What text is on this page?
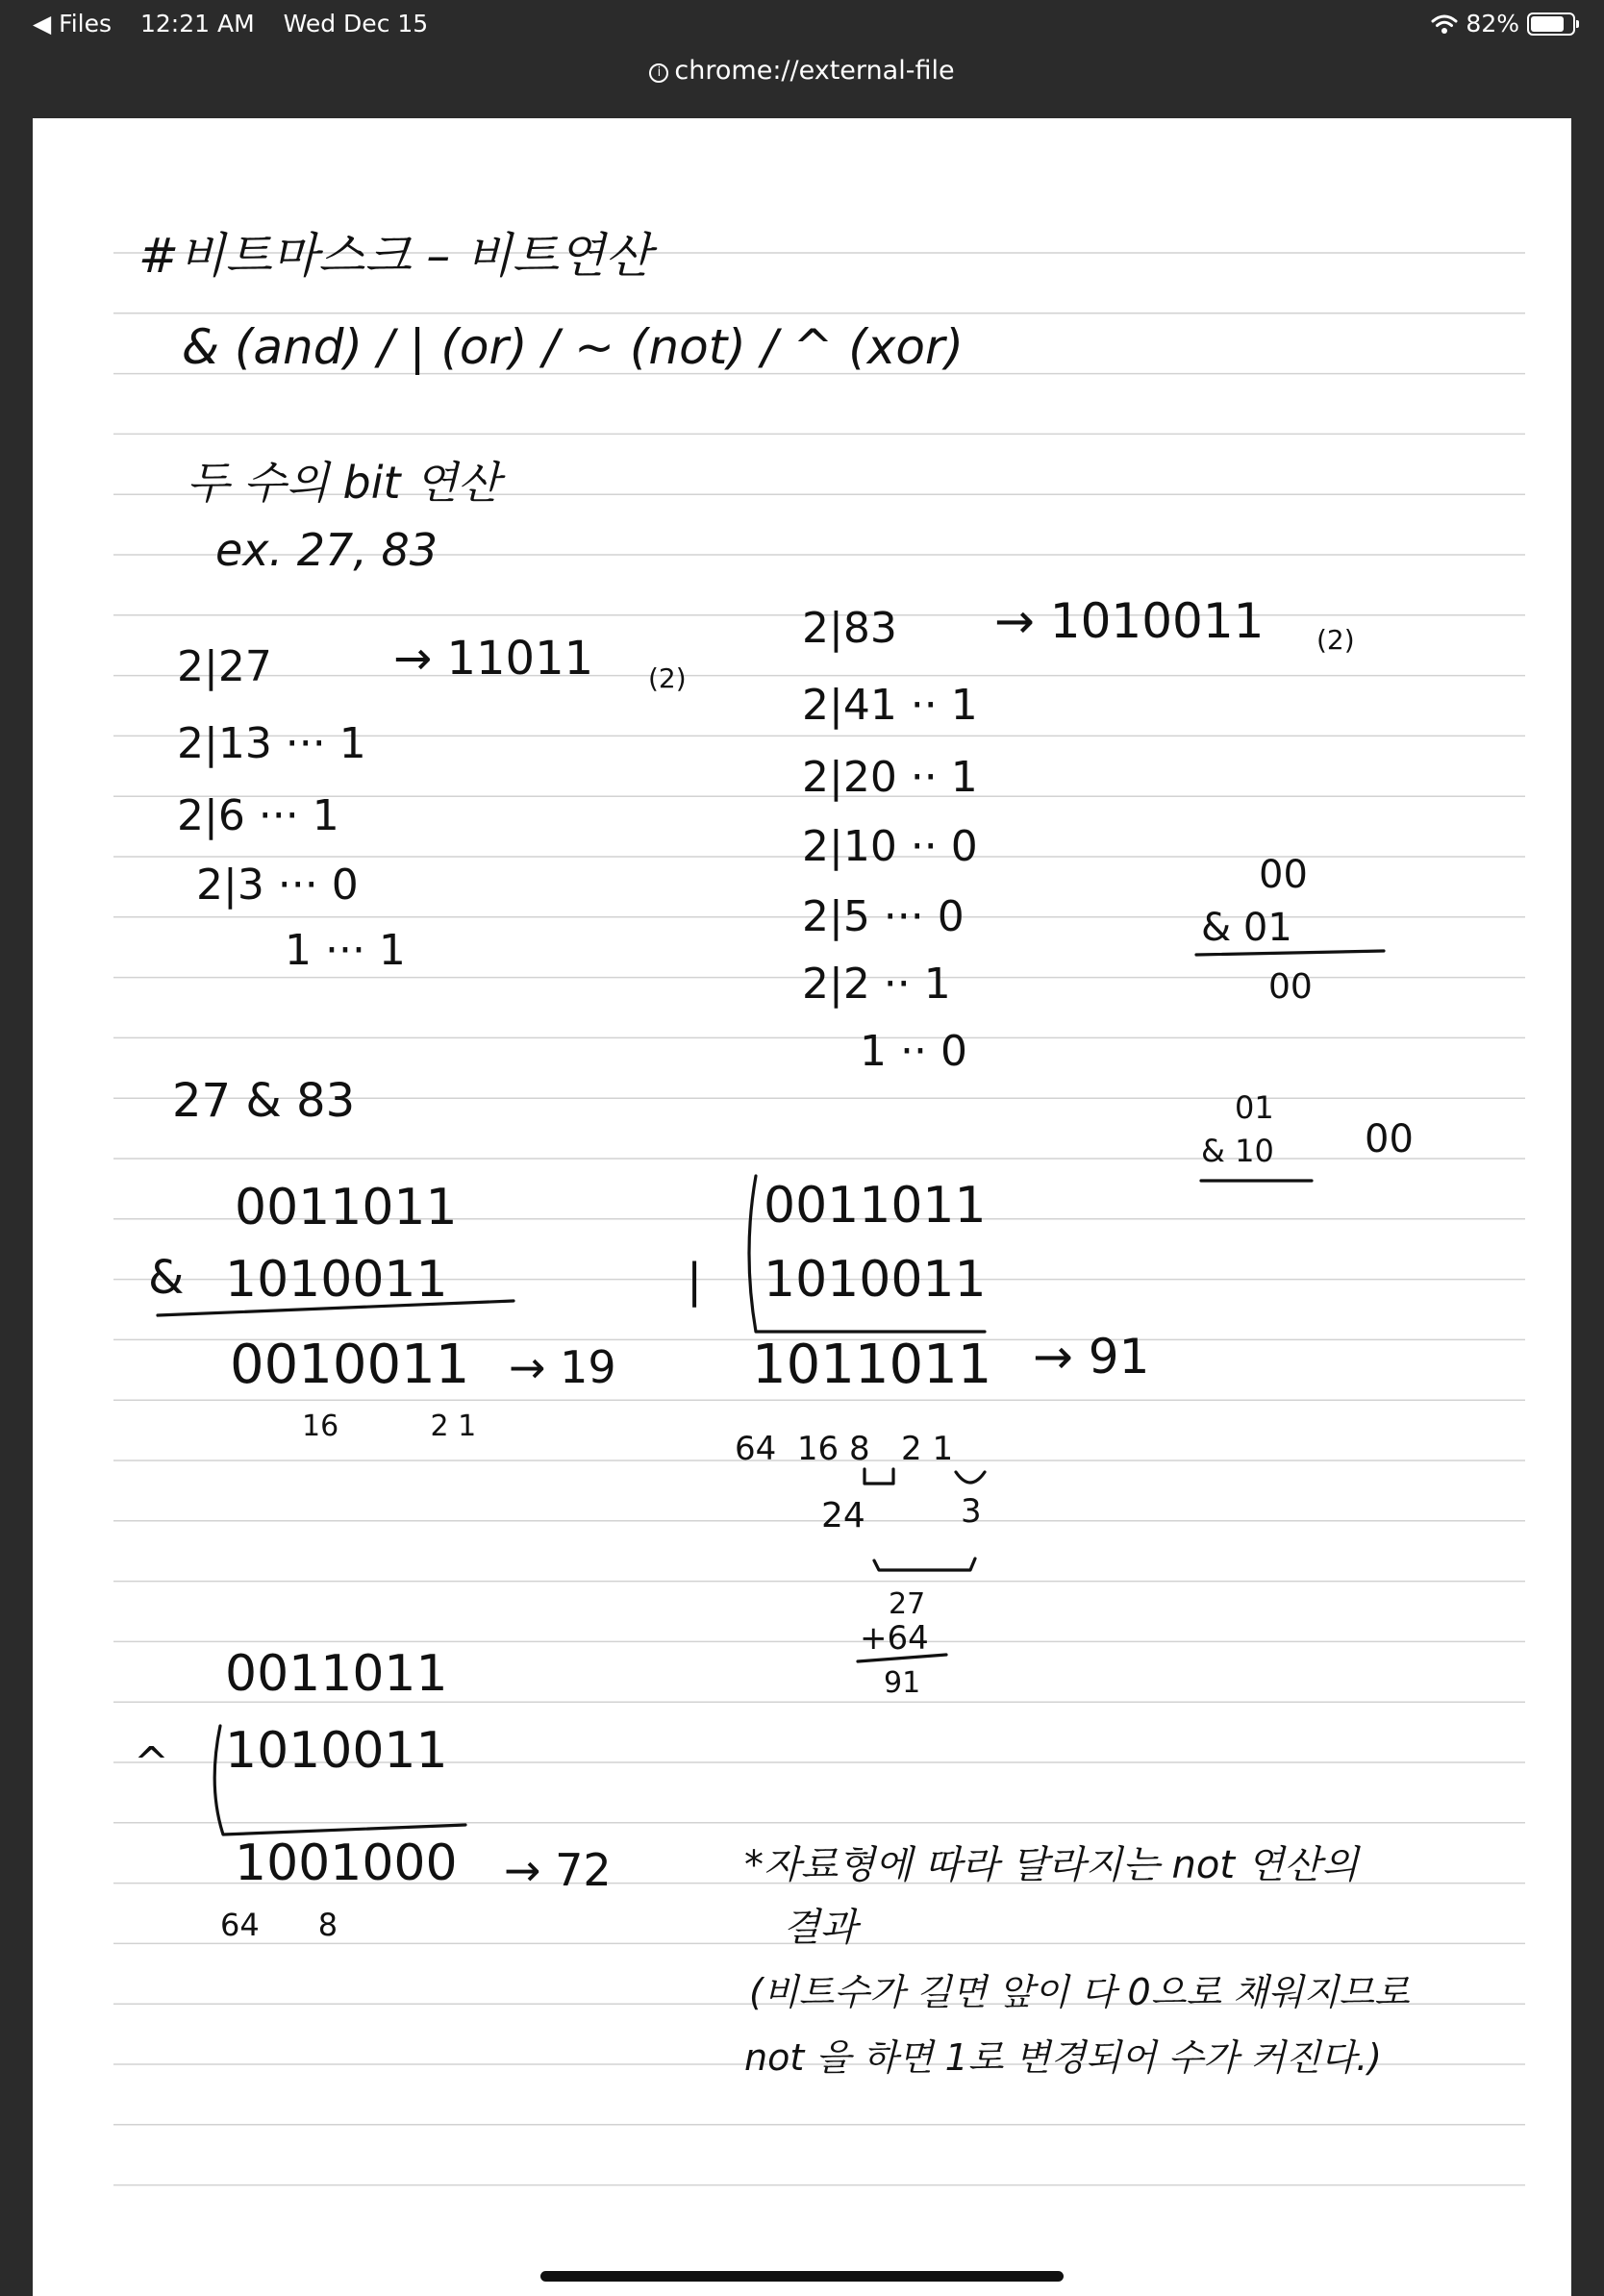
◀ Files 12:21 AM Wed Dec 15	82%
i chrome://external-file
#비트마스크 – 비트연산
& (and) / | (or) / ~ (not) / ^ (xor)
두 수의 bit 연산
ex. 27, 83
2|27
2|13 ··· 1
2|6 ··· 1
2|3 ··· 0
1 ··· 1
→ 11011 (2)
2|83
2|41 ·· 1
2|20 ·· 1
2|10 ·· 0
2|5 ··· 0
2|2 ·· 1
1 ·· 0
→ 1010011 (2)
00
& 01
00
01
& 10 00
27 & 83
0011011
& 1010011
0010011 → 19
16          2 1
0011011
| 1010011
1011011 → 91
64  16 8   2 1
24	3
27
+64
91
0011011
^ 1010011
1001000 → 72
64      8
*자료형에 따라 달라지는 not 연산의
결과
(비트수가 길면 앞이 다 0으로 채워지므로
not 을 하면 1로 변경되어 수가 커진다.)
